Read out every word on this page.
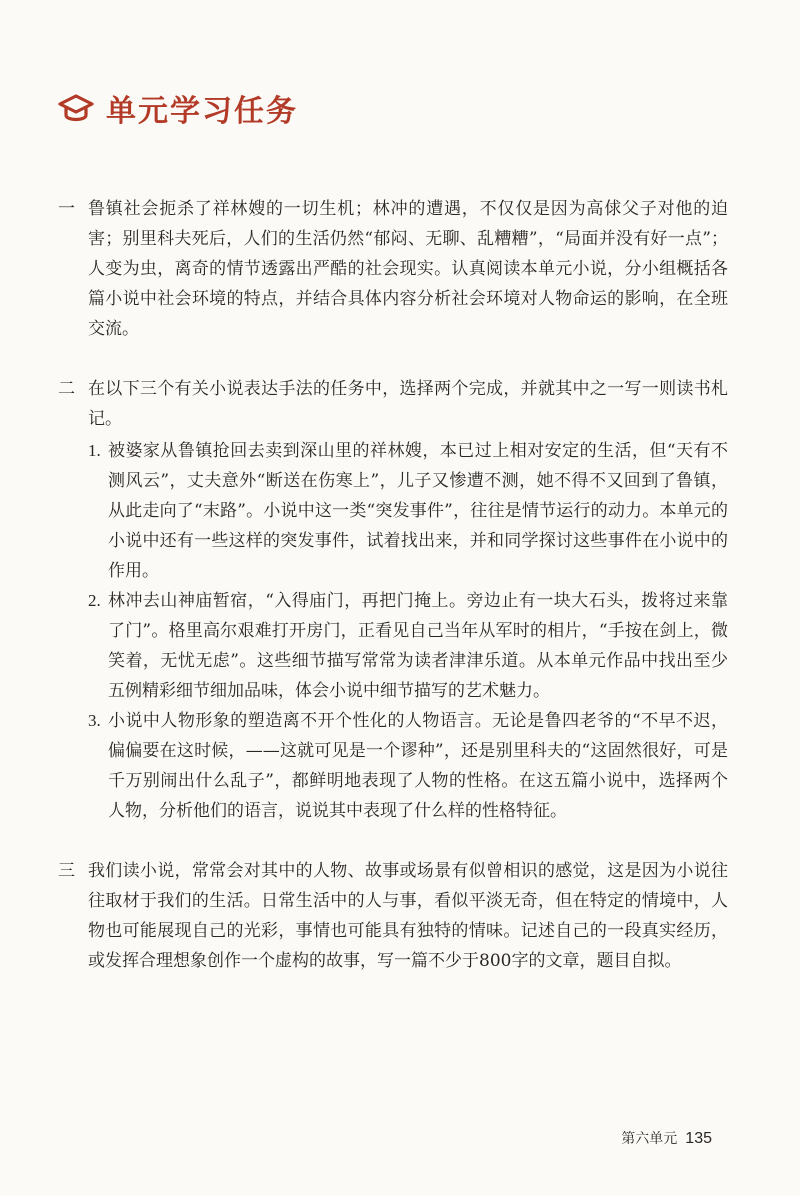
单元学习任务
一 鲁镇社会扼杀了祥林嫂的一切生机；林冲的遭遇，不仅仅是因为高俅父子对他的迫害；别里科夫死后，人们的生活仍然“郁闷、无聊、乱糟糟”，“局面并没有好一点”；人变为虫，离奇的情节透露出严酷的社会现实。认真阅读本单元小说，分小组概括各篇小说中社会环境的特点，并结合具体内容分析社会环境对人物命运的影响，在全班交流。
二 在以下三个有关小说表达手法的任务中，选择两个完成，并就其中之一写一则读书札记。
1. 被婆家从鲁镇抢回去卖到深山里的祥林嫂，本已过上相对安定的生活，但“天有不测风云”，丈夫意外“断送在伤寒上”，儿子又惨遭不测，她不得不又回到了鲁镇，从此走向了“末路”。小说中这一类“突发事件”，往往是情节运行的动力。本单元的小说中还有一些这样的突发事件，试着找出来，并和同学探讨这些事件在小说中的作用。
2. 林冲去山神庙暂宿，“入得庙门，再把门掩上。旁边止有一块大石头，拨将过来靠了门”。格里高尔艰难打开房门，正看见自己当年从军时的相片，“手按在剑上，微笑着，无忧无虑”。这些细节描写常常为读者津津乐道。从本单元作品中找出至少五例精彩细节细加品味，体会小说中细节描写的艺术魅力。
3. 小说中人物形象的塑造离不开个性化的人物语言。无论是鲁四老爷的“不早不迟，偏偏要在这时候，——这就可见是一个谬种”，还是别里科夫的“这固然很好，可是千万别闹出什么乱子”，都鲜明地表现了人物的性格。在这五篇小说中，选择两个人物，分析他们的语言，说说其中表现了什么样的性格特征。
三 我们读小说，常常会对其中的人物、故事或场景有似曾相识的感觉，这是因为小说往往取材于我们的生活。日常生活中的人与事，看似平淡无奇，但在特定的情境中，人物也可能展现自己的光彩，事情也可能具有独特的情味。记述自己的一段真实经历，或发挥合理想象创作一个虚构的故事，写一篇不少于800字的文章，题目自拟。
第六单元 135
